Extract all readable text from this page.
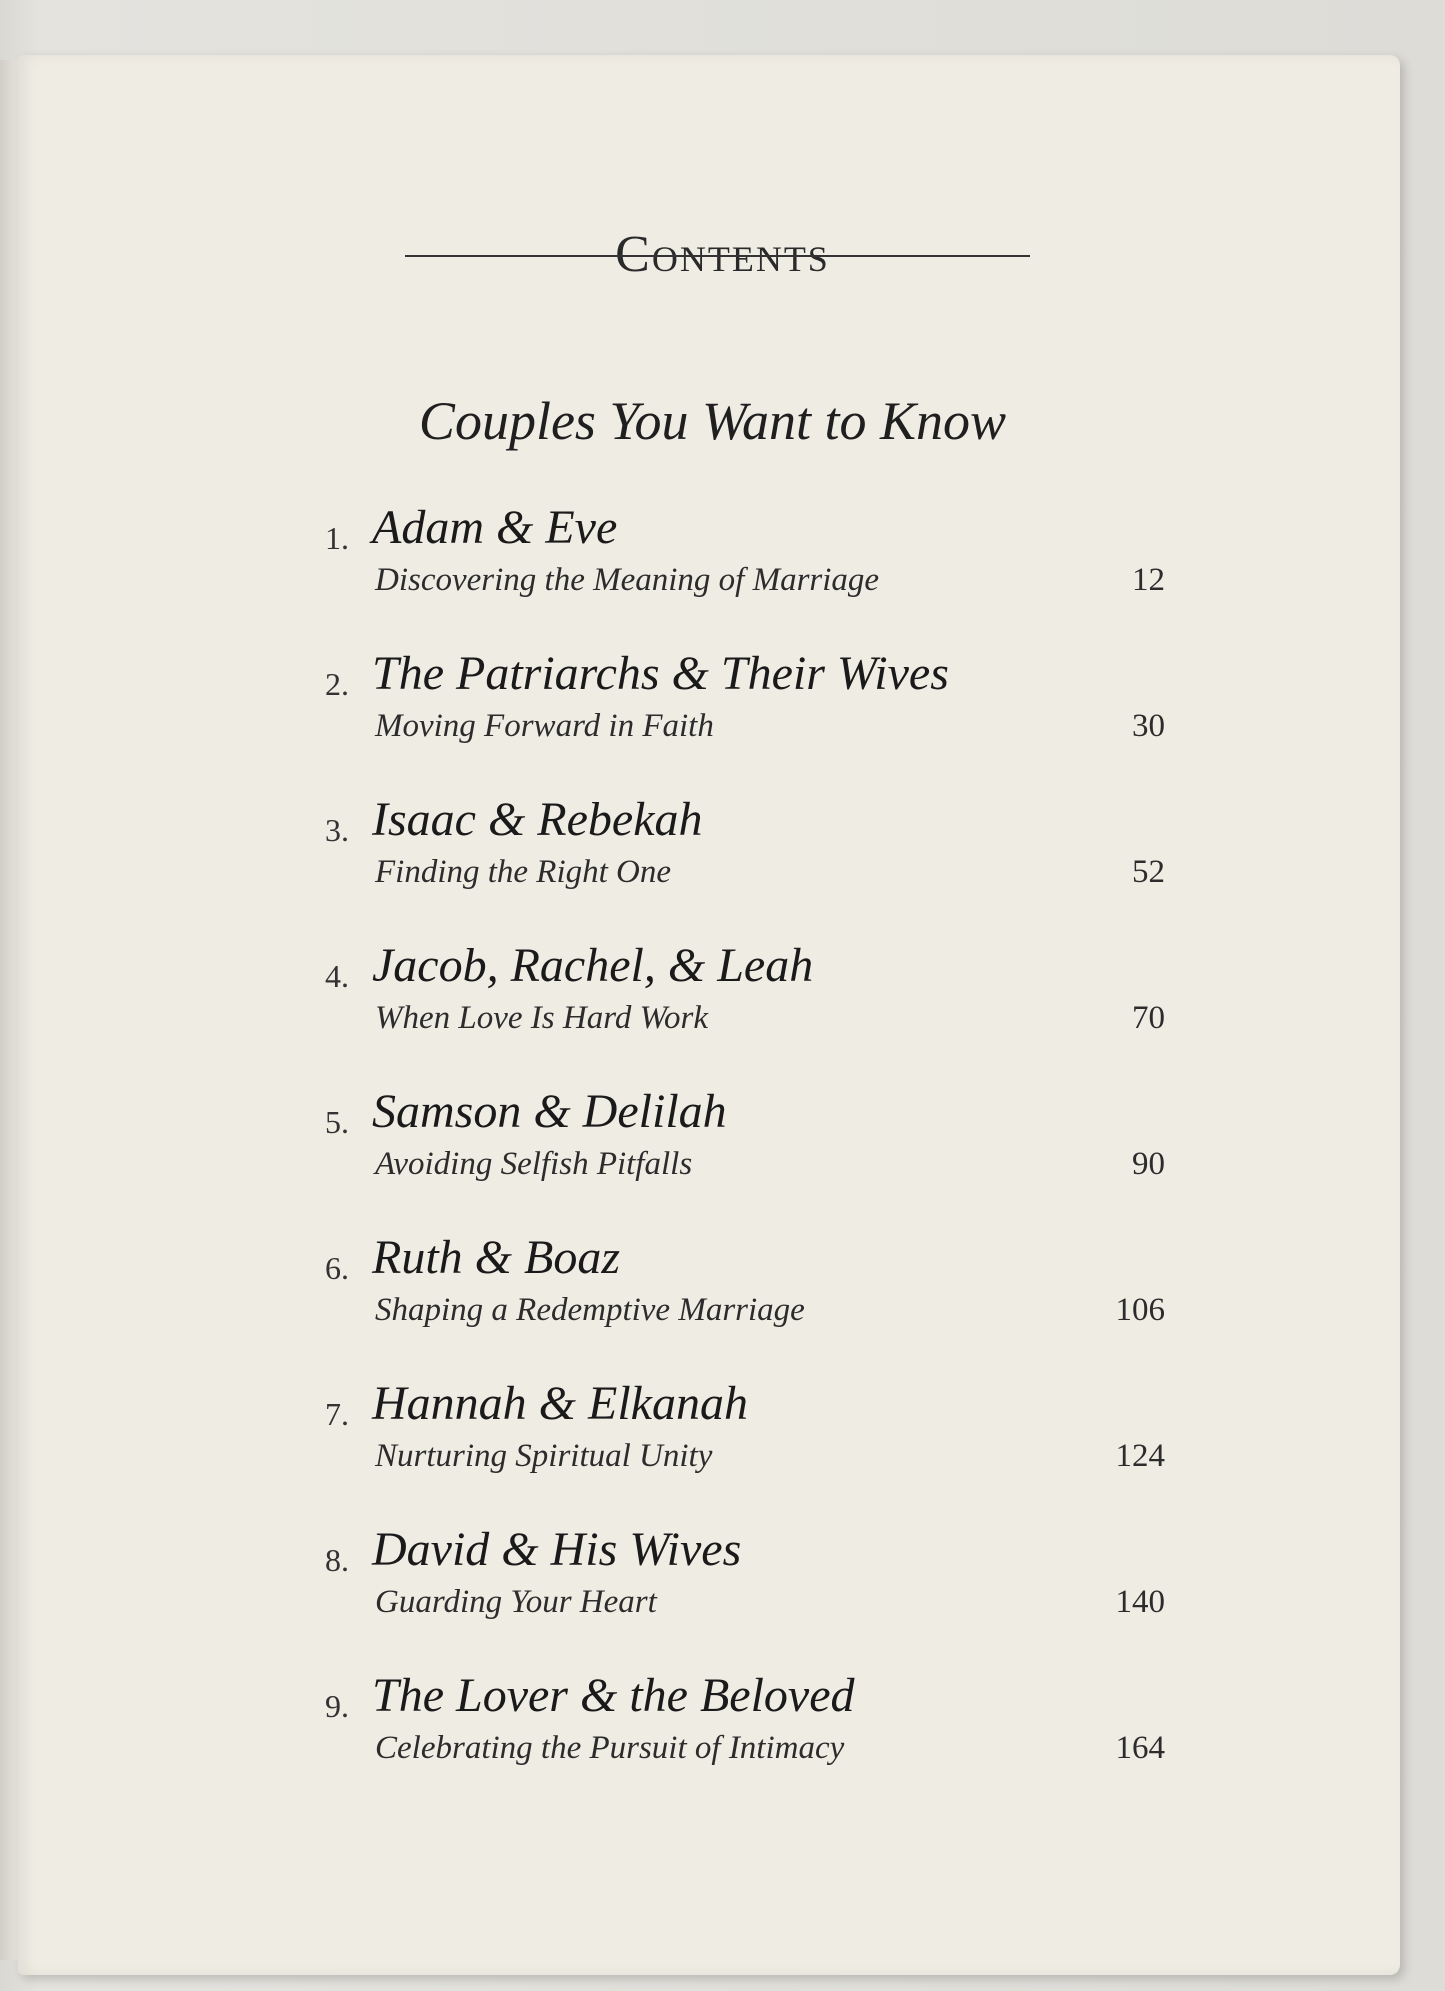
Contents
Couples You Want to Know
1. Adam & Eve
Discovering the Meaning of Marriage	12
2. The Patriarchs & Their Wives
Moving Forward in Faith	30
3. Isaac & Rebekah
Finding the Right One	52
4. Jacob, Rachel, & Leah
When Love Is Hard Work	70
5. Samson & Delilah
Avoiding Selfish Pitfalls	90
6. Ruth & Boaz
Shaping a Redemptive Marriage	106
7. Hannah & Elkanah
Nurturing Spiritual Unity	124
8. David & His Wives
Guarding Your Heart	140
9. The Lover & the Beloved
Celebrating the Pursuit of Intimacy	164
